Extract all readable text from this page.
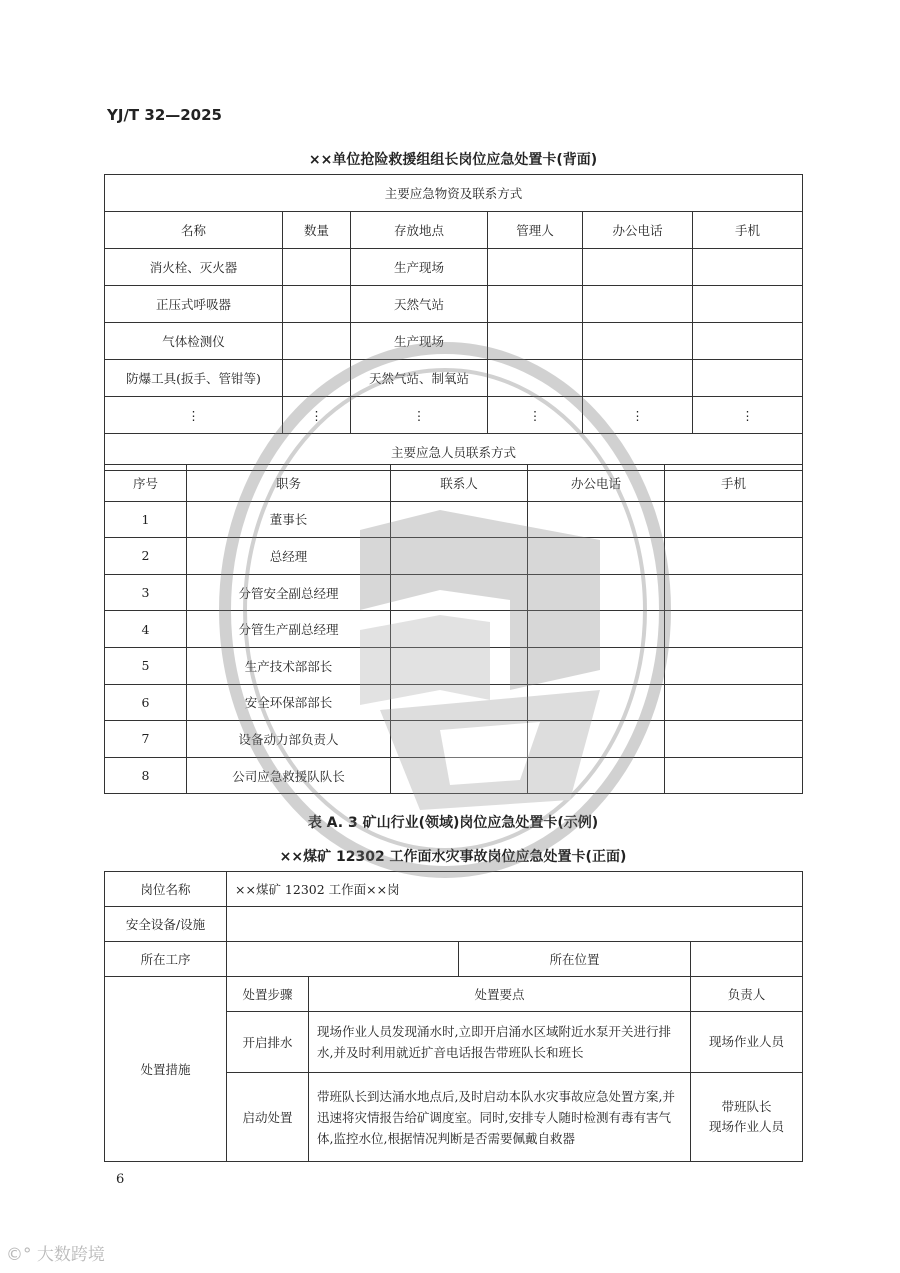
YJ/T 32—2025
××单位抢险救援组组长岗位应急处置卡(背面)
主要应急物资及联系方式					
名称	数量	存放地点	管理人	办公电话	手机
消火栓、灭火器		生产现场			
正压式呼吸器		天然气站			
气体检测仪		生产现场			
防爆工具(扳手、管钳等)		天然气站、制氧站			
⋮	⋮	⋮	⋮	⋮	⋮
主要应急人员联系方式					
序号	职务	联系人	办公电话	手机
1	董事长			
2	总经理			
3	分管安全副总经理			
4	分管生产副总经理			
5	生产技术部部长			
6	安全环保部部长			
7	设备动力部负责人			
8	公司应急救援队队长			
表 A. 3 矿山行业(领域)岗位应急处置卡(示例)
××煤矿 12302 工作面水灾事故岗位应急处置卡(正面)
岗位名称	××煤矿 12302 工作面××岗			
安全设备/设施				
所在工序			所在位置	
处置措施	处置步骤	处置要点		负责人
	开启排水	现场作业人员发现涌水时,立即开启涌水区域附近水泵开关进行排水,并及时利用就近扩音电话报告带班队长和班长		现场作业人员

	启动处置	带班队长到达涌水地点后,及时启动本队水灾事故应急处置方案,并迅速将灾情报告给矿调度室。同时,安排专人随时检测有毒有害气体,监控水位,根据情况判断是否需要佩戴自救器		带班队长
现场作业人员
6
©° 大数跨境
